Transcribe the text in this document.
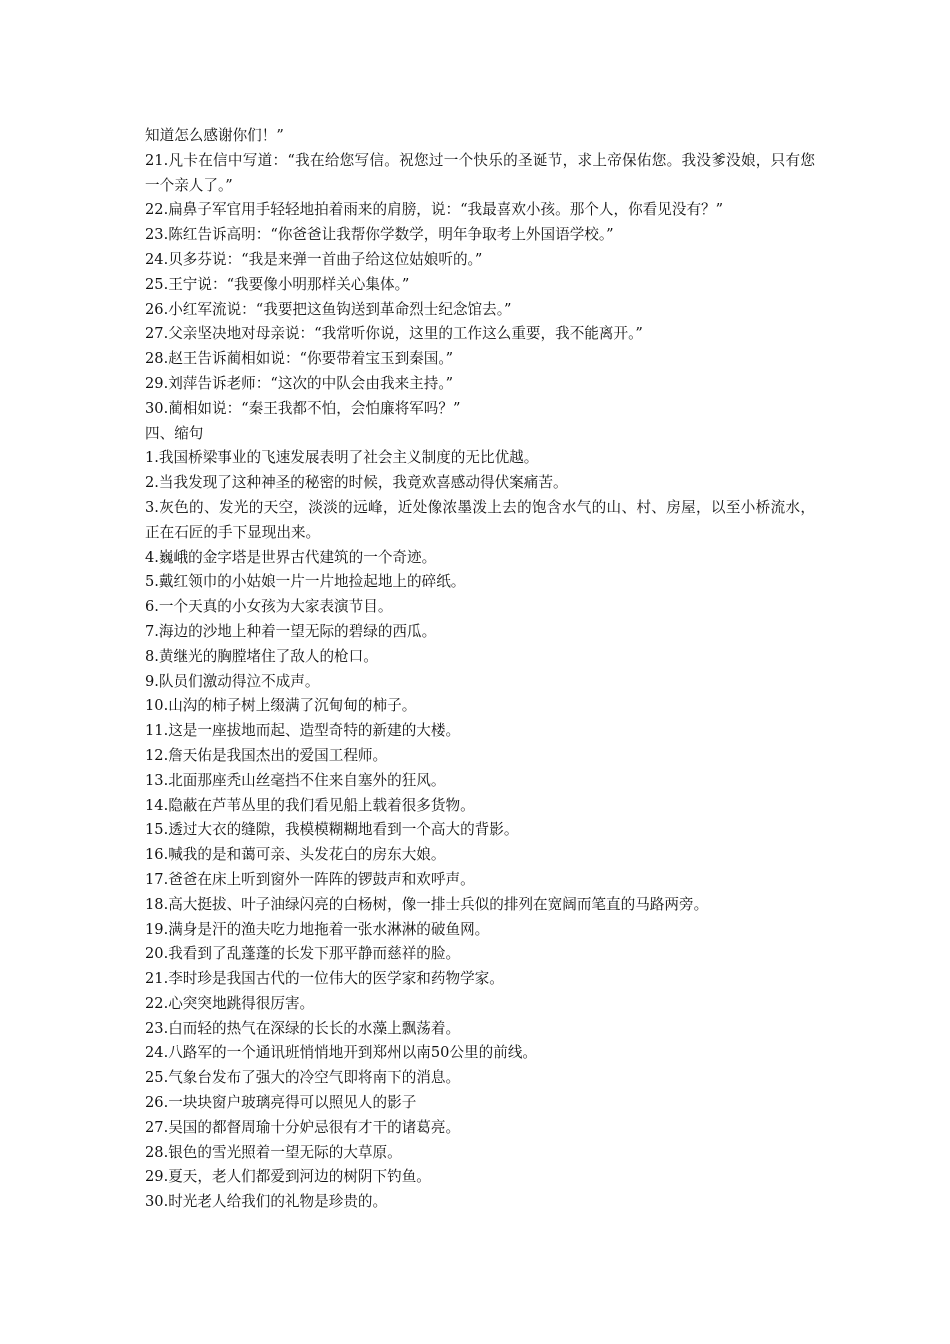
知道怎么感谢你们！”

21.凡卡在信中写道：“我在给您写信。祝您过一个快乐的圣诞节，求上帝保佑您。我没爹没娘，只有您一个亲人了。”

22.扁鼻子军官用手轻轻地拍着雨来的肩膀，说：“我最喜欢小孩。那个人，你看见没有？”

23.陈红告诉高明：“你爸爸让我帮你学数学，明年争取考上外国语学校。”

24.贝多芬说：“我是来弹一首曲子给这位姑娘听的。”

25.王宁说：“我要像小明那样关心集体。”

26.小红军流说：“我要把这鱼钩送到革命烈士纪念馆去。”

27.父亲坚决地对母亲说：“我常听你说，这里的工作这么重要，我不能离开。”

28.赵王告诉蔺相如说：“你要带着宝玉到秦国。”

29.刘萍告诉老师：“这次的中队会由我来主持。”

30.蔺相如说：“秦王我都不怕，会怕廉将军吗？”

四、缩句

1.我国桥梁事业的飞速发展表明了社会主义制度的无比优越。

2.当我发现了这种神圣的秘密的时候，我竟欢喜感动得伏案痛苦。

3.灰色的、发光的天空，淡淡的远峰，近处像浓墨泼上去的饱含水气的山、村、房屋，以至小桥流水，正在石匠的手下显现出来。

4.巍峨的金字塔是世界古代建筑的一个奇迹。

5.戴红领巾的小姑娘一片一片地捡起地上的碎纸。

6.一个天真的小女孩为大家表演节目。

7.海边的沙地上种着一望无际的碧绿的西瓜。

8.黄继光的胸膛堵住了敌人的枪口。

9.队员们激动得泣不成声。

10.山沟的柿子树上缀满了沉甸甸的柿子。

11.这是一座拔地而起、造型奇特的新建的大楼。

12.詹天佑是我国杰出的爱国工程师。

13.北面那座秃山丝毫挡不住来自塞外的狂风。

14.隐蔽在芦苇丛里的我们看见船上载着很多货物。

15.透过大衣的缝隙，我模模糊糊地看到一个高大的背影。

16.喊我的是和蔼可亲、头发花白的房东大娘。

17.爸爸在床上听到窗外一阵阵的锣鼓声和欢呼声。

18.高大挺拔、叶子油绿闪亮的白杨树，像一排士兵似的排列在宽阔而笔直的马路两旁。

19.满身是汗的渔夫吃力地拖着一张水淋淋的破鱼网。

20.我看到了乱蓬蓬的长发下那平静而慈祥的脸。

21.李时珍是我国古代的一位伟大的医学家和药物学家。

22.心突突地跳得很厉害。

23.白而轻的热气在深绿的长长的水藻上飘荡着。

24.八路军的一个通讯班悄悄地开到郑州以南50公里的前线。

25.气象台发布了强大的冷空气即将南下的消息。

26.一块块窗户玻璃亮得可以照见人的影子

27.吴国的都督周瑜十分妒忌很有才干的诸葛亮。

28.银色的雪光照着一望无际的大草原。

29.夏天，老人们都爱到河边的树阴下钓鱼。

30.时光老人给我们的礼物是珍贵的。
